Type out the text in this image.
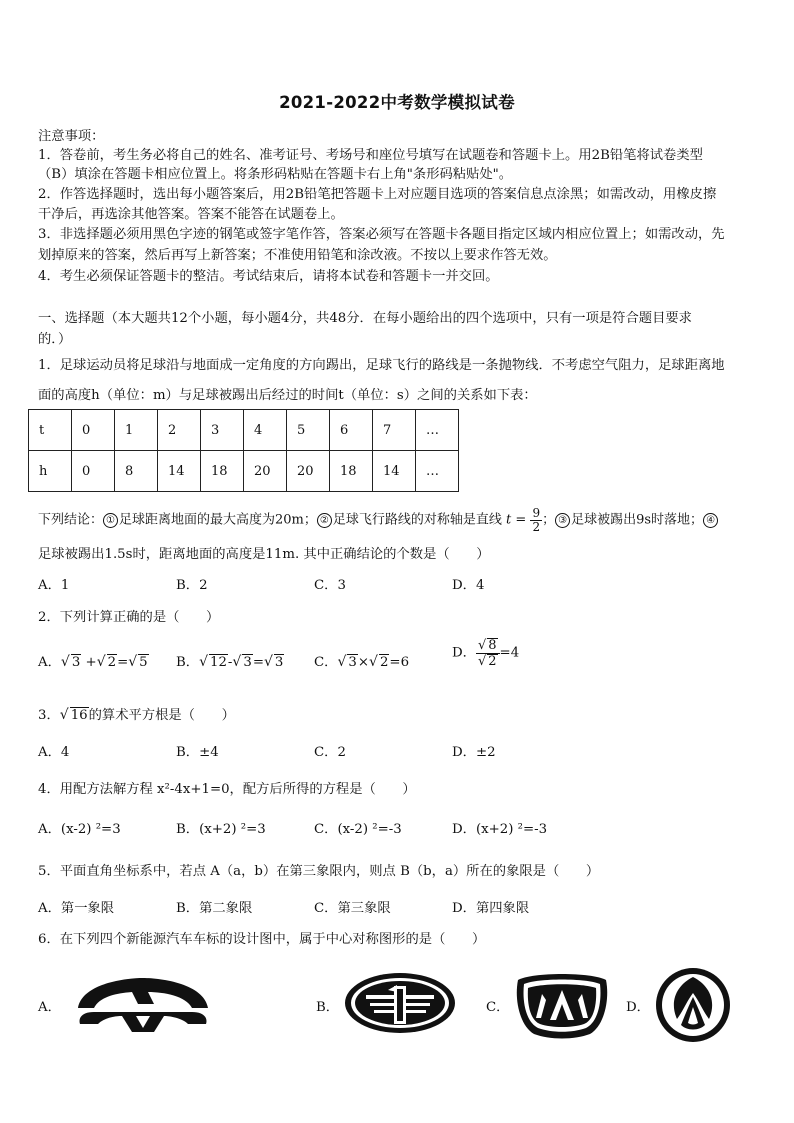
2021-2022中考数学模拟试卷
注意事项：
1．答卷前，考生务必将自己的姓名、准考证号、考场号和座位号填写在试题卷和答题卡上。用2B铅笔将试卷类型
（B）填涂在答题卡相应位置上。将条形码粘贴在答题卡右上角"条形码粘贴处"。
2．作答选择题时，选出每小题答案后，用2B铅笔把答题卡上对应题目选项的答案信息点涂黑；如需改动，用橡皮擦
干净后，再选涂其他答案。答案不能答在试题卷上。
3．非选择题必须用黑色字迹的钢笔或签字笔作答，答案必须写在答题卡各题目指定区域内相应位置上；如需改动，先
划掉原来的答案，然后再写上新答案；不准使用铅笔和涂改液。不按以上要求作答无效。
4．考生必须保证答题卡的整洁。考试结束后，请将本试卷和答题卡一并交回。
一、选择题（本大题共12个小题，每小题4分，共48分．在每小题给出的四个选项中，只有一项是符合题目要求
的．）
1．足球运动员将足球沿与地面成一定角度的方向踢出，足球飞行的路线是一条抛物线．不考虑空气阻力，足球距离地
面的高度h（单位：m）与足球被踢出后经过的时间t（单位：s）之间的关系如下表：
t	0	1	2	3	4	5	6	7	…
h	0	8	14	18	20	20	18	14	…
下列结论： ① 足球距离地面的最大高度为20m； ② 足球飞行路线的对称轴是直线 $t = \frac{9}{2}$ ； ③ 足球被踢出9s时落地； ④
足球被踢出1.5s时，距离地面的高度是11m. 其中正确结论的个数是（　　）
A．1	B．2	C．3	D．4
2．下列计算正确的是（　　）
A．√ 3 +√ 2=√ 5 B．√ 12-√ 3=√ 3 C．√ 3×√ 2=6
D． $\frac{√ 8}{√ 2} =4$
3．√ 16的算术平方根是（　　）
A．4	B．±4	C．2	D．±2
4．用配方法解方程 x²-4x+1=0，配方后所得的方程是（　　）
A．(x-2) ²=3	B．(x+2) ²=3	C．(x-2) ²=-3	D．(x+2) ²=-3
5．平面直角坐标系中，若点 A（a，b）在第三象限内，则点 B（b，a）所在的象限是（　　）
A．第一象限	B．第二象限	C．第三象限	D．第四象限
6．在下列四个新能源汽车车标的设计图中，属于中心对称图形的是（　　）
A．	B．	C．	D．
